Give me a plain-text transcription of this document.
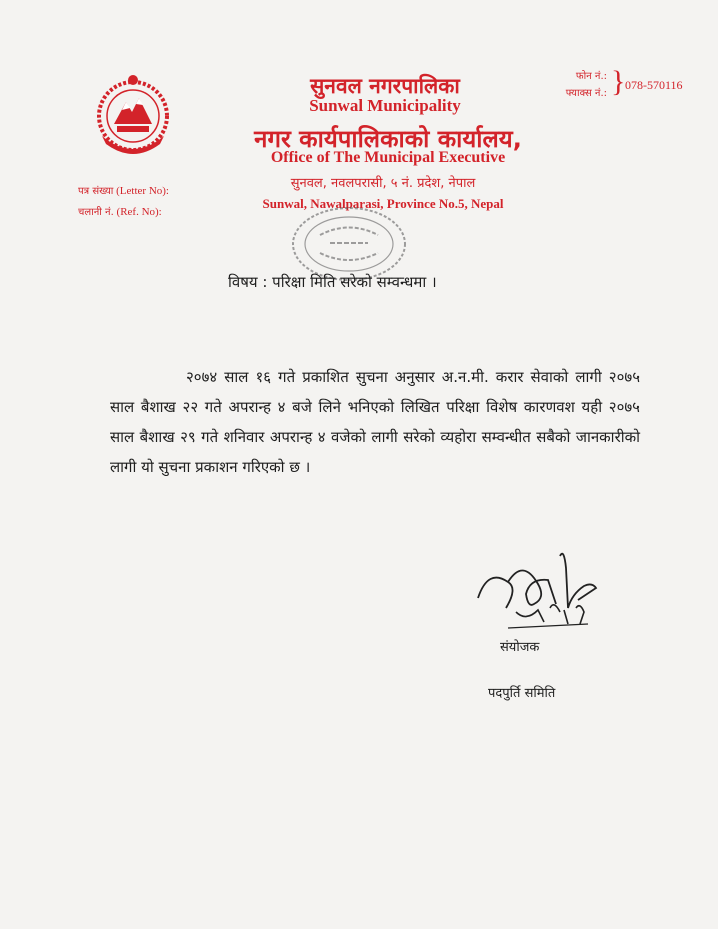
सुनवल नगरपालिका
Sunwal Municipality
नगर कार्यपालिकाको कार्यालय,
Office of The Municipal Executive
सुनवल, नवलपरासी, ५ नं. प्रदेश, नेपाल
Sunwal, Nawalparasi, Province No.5, Nepal
फोन नं.:
फ्याक्स नं.: } 078-570116
पत्र संख्या (Letter No):
चलानी नं. (Ref. No):
विषय : परिक्षा मिति सरेको सम्वन्धमा ।
२०७४ साल १६ गते प्रकाशित सुचना अनुसार अ.न.मी. करार सेवाको लागी २०७५ साल बैशाख २२ गते अपरान्ह ४ बजे लिने भनिएको लिखित परिक्षा विशेष कारणवश यही २०७५ साल बैशाख २९ गते शनिवार अपरान्ह ४ वजेको लागी सरेको व्यहोरा सम्वन्धीत सबैको जानकारीको लागी यो सुचना प्रकाशन गरिएको छ ।
संयोजक
पदपुर्ति समिति
